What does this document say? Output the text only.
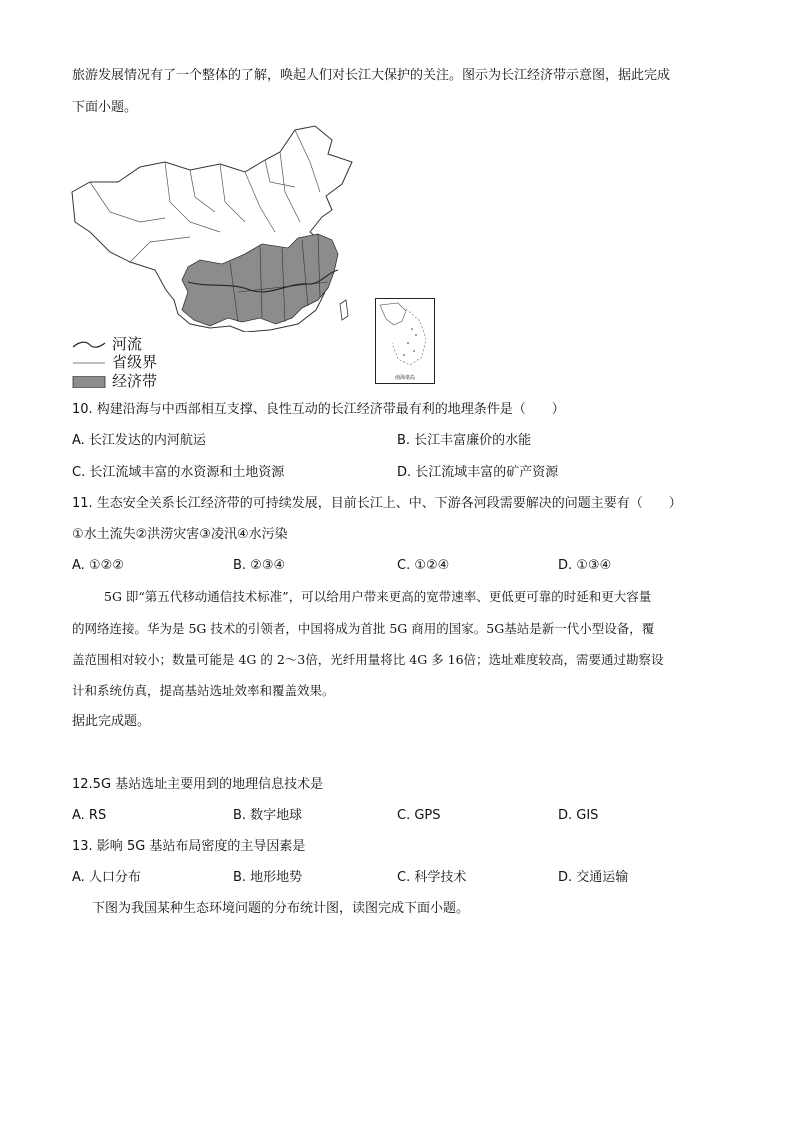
旅游发展情况有了一个整体的了解，唤起人们对长江大保护的关注。图示为长江经济带示意图，据此完成
下面小题。
南海诸岛
河流
省级界
经济带
10. 构建沿海与中西部相互支撑、良性互动的长江经济带最有利的地理条件是（　　）
A. 长江发达的内河航运	B. 长江丰富廉价的水能
C. 长江流域丰富的水资源和土地资源	D. 长江流域丰富的矿产资源
11. 生态安全关系长江经济带的可持续发展，目前长江上、中、下游各河段需要解决的问题主要有（　　）
①水土流失②洪涝灾害③凌汛④水污染
A. ①②②	B. ②③④	C. ①②④	D. ①③④
5G 即“第五代移动通信技术标准”，可以给用户带来更高的宽带速率、更低更可靠的时延和更大容量
的网络连接。华为是 5G 技术的引领者，中国将成为首批 5G 商用的国家。5G基站是新一代小型设备，覆
盖范围相对较小；数量可能是 4G 的 2～3倍，光纤用量将比 4G 多 16倍；选址难度较高，需要通过勘察设
计和系统仿真，提高基站选址效率和覆盖效果。
据此完成题。
12.5G 基站选址主要用到的地理信息技术是
A. RS	B. 数字地球	C. GPS	D. GIS
13. 影响 5G 基站布局密度的主导因素是
A. 人口分布	B. 地形地势	C. 科学技术	D. 交通运输
下图为我国某种生态环境问题的分布统计图，读图完成下面小题。
